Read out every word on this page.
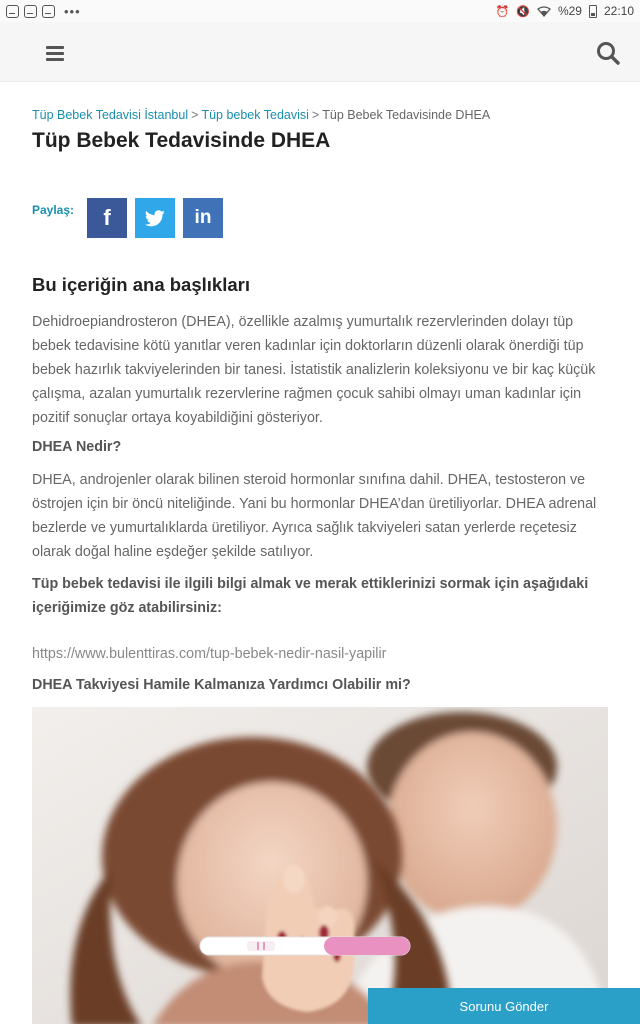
•••	⏰ 🔇 %29 22:10
Tüp Bebek Tedavisi İstanbul > Tüp bebek Tedavisi > Tüp Bebek Tedavisinde DHEA
Tüp Bebek Tedavisinde DHEA
Paylaş: f	in
Bu içeriğin ana başlıkları

Dehidroepiandrosteron (DHEA), özellikle azalmış yumurtalık rezervlerinden dolayı tüp bebek tedavisine kötü yanıtlar veren kadınlar için doktorların düzenli olarak önerdiği tüp bebek hazırlık takviyelerinden bir tanesi. İstatistik analizlerin koleksiyonu ve bir kaç küçük çalışma, azalan yumurtalık rezervlerine rağmen çocuk sahibi olmayı uman kadınlar için pozitif sonuçlar ortaya koyabildiğini gösteriyor.

DHEA Nedir?

DHEA, androjenler olarak bilinen steroid hormonlar sınıfına dahil. DHEA, testosteron ve östrojen için bir öncü niteliğinde. Yani bu hormonlar DHEA’dan üretiliyorlar. DHEA adrenal bezlerde ve yumurtalıklarda üretiliyor. Ayrıca sağlık takviyeleri satan yerlerde reçetesiz olarak doğal haline eşdeğer şekilde satılıyor.

Tüp bebek tedavisi ile ilgili bilgi almak ve merak ettiklerinizi sormak için aşağıdaki içeriğimize göz atabilirsiniz:

https://www.bulenttiras.com/tup-bebek-nedir-nasil-yapilir
DHEA Takviyesi Hamile Kalmanıza Yardımcı Olabilir mi?
Sorunu Gönder
